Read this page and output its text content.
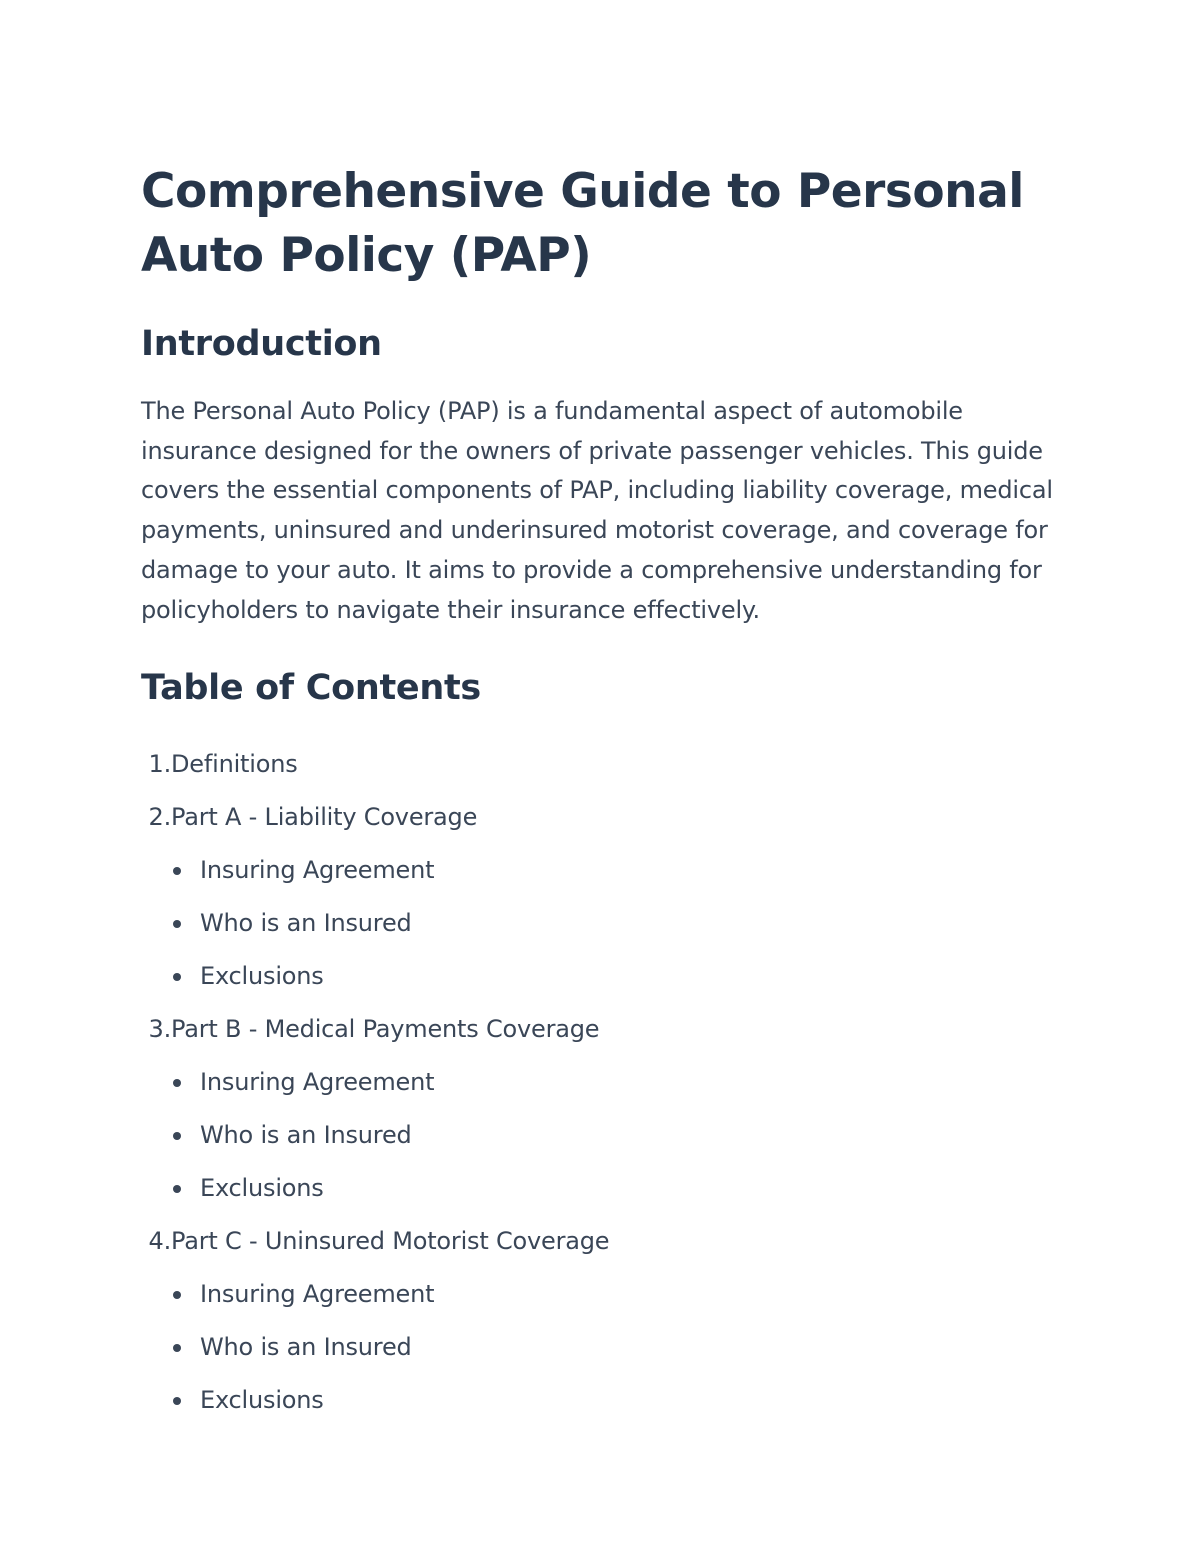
Comprehensive Guide to Personal Auto Policy (PAP)
Introduction

The Personal Auto Policy (PAP) is a fundamental aspect of automobile insurance designed for the owners of private passenger vehicles. This guide covers the essential components of PAP, including liability coverage, medical payments, uninsured and underinsured motorist coverage, and coverage for damage to your auto. It aims to provide a comprehensive understanding for policyholders to navigate their insurance effectively.

Table of Contents
1. Definitions
2. Part A - Liability Coverage
Insuring Agreement
Who is an Insured
Exclusions
3. Part B - Medical Payments Coverage
Insuring Agreement
Who is an Insured
Exclusions
4. Part C - Uninsured Motorist Coverage
Insuring Agreement
Who is an Insured
Exclusions
